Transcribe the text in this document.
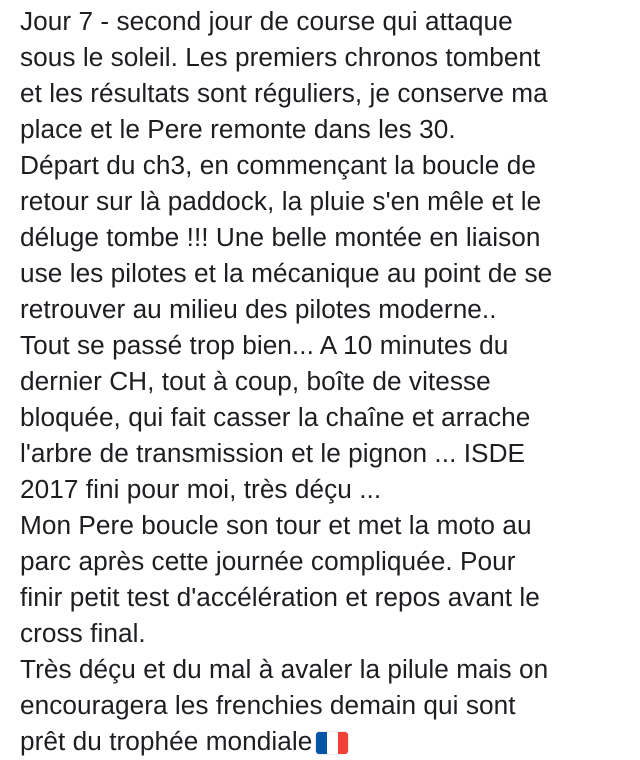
Jour 7 - second jour de course qui attaque
sous le soleil. Les premiers chronos tombent
et les résultats sont réguliers, je conserve ma
place et le Pere remonte dans les 30.
Départ du ch3, en commençant la boucle de
retour sur là paddock, la pluie s'en mêle et le
déluge tombe !!! Une belle montée en liaison
use les pilotes et la mécanique au point de se
retrouver au milieu des pilotes moderne..
Tout se passé trop bien... A 10 minutes du
dernier CH, tout à coup, boîte de vitesse
bloquée, qui fait casser la chaîne et arrache
l'arbre de transmission et le pignon ... ISDE
2017 fini pour moi, très déçu ...
Mon Pere boucle son tour et met la moto au
parc après cette journée compliquée. Pour
finir petit test d'accélération et repos avant le
cross final.
Très déçu et du mal à avaler la pilule mais on
encouragera les frenchies demain qui sont
prêt du trophée mondiale
